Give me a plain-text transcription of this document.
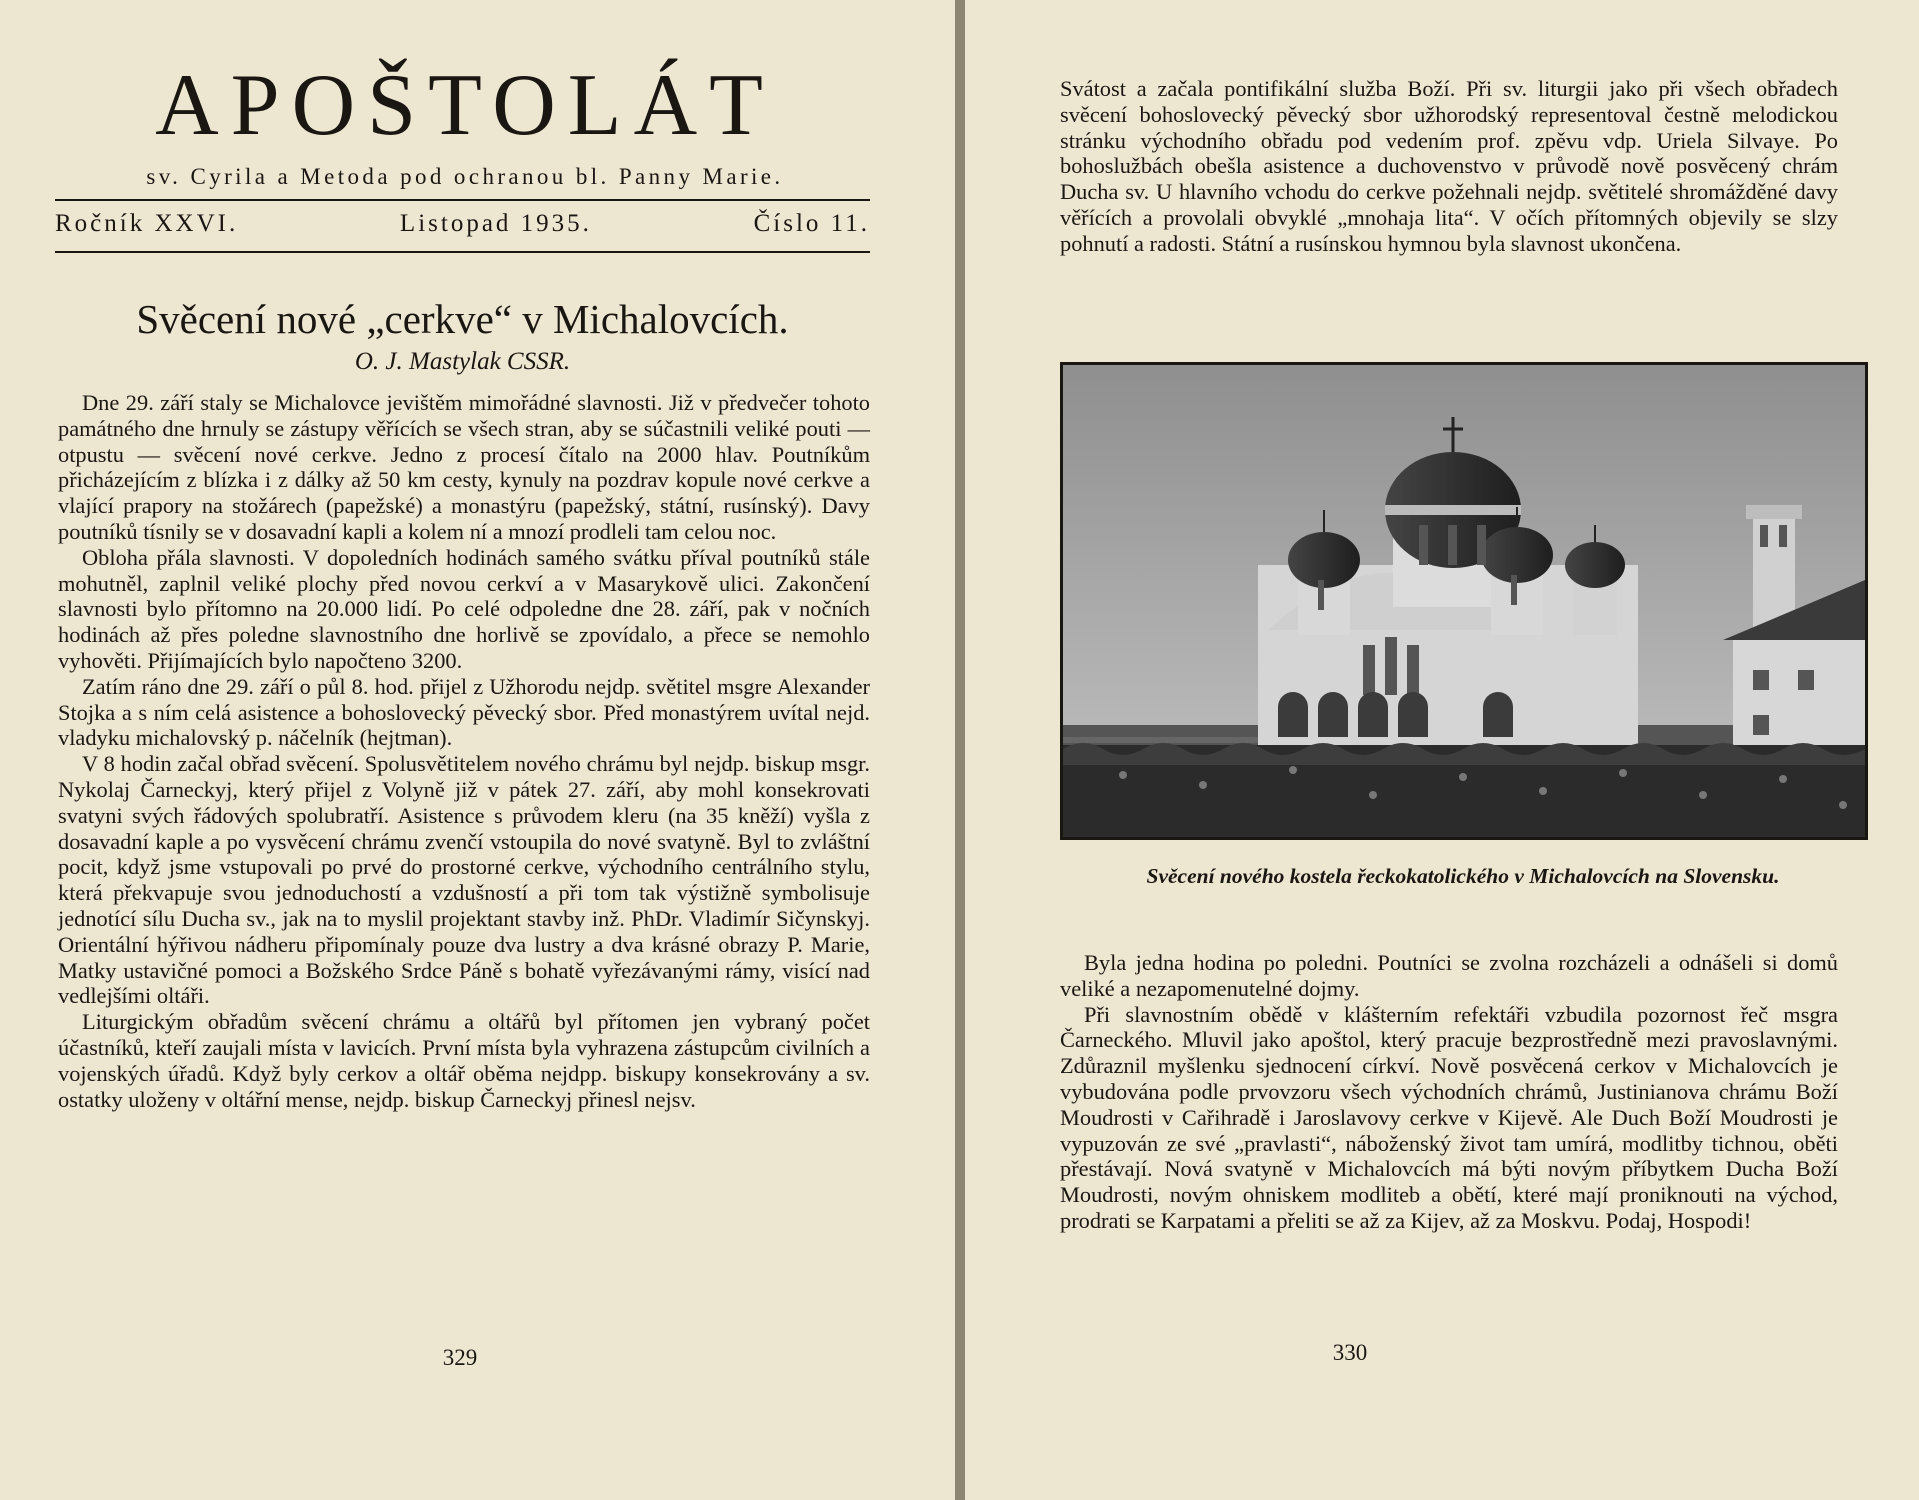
APOŠTOLÁT
sv. Cyrila a Metoda pod ochranou bl. Panny Marie.
Ročník XXVI.	Listopad 1935.	Číslo 11.
Svěcení nové „cerkve“ v Michalovcích.
O. J. Mastylak CSSR.

Dne 29. září staly se Michalovce jevištěm mimořádné slavnosti. Již v předvečer tohoto památného dne hrnuly se zástupy věřících se všech stran, aby se súčastnili veliké pouti — otpustu — svěcení nové cerkve. Jedno z procesí čítalo na 2000 hlav. Poutníkům přicházejícím z blízka i z dálky až 50 km cesty, kynuly na pozdrav kopule nové cerkve a vlající prapory na stožárech (papežské) a monastýru (papežský, státní, rusínský). Davy poutníků tísnily se v dosavadní kapli a kolem ní a mnozí prodleli tam celou noc.

Obloha přála slavnosti. V dopoledních hodinách samého svátku příval poutníků stále mohutněl, zaplnil veliké plochy před novou cerkví a v Masarykově ulici. Zakončení slavnosti bylo přítomno na 20.000 lidí. Po celé odpoledne dne 28. září, pak v nočních hodinách až přes poledne slavnostního dne horlivě se zpovídalo, a přece se nemohlo vyhověti. Přijímajících bylo napočteno 3200.

Zatím ráno dne 29. září o půl 8. hod. přijel z Užhorodu nejdp. světitel msgre Alexander Stojka a s ním celá asistence a bohoslovecký pěvecký sbor. Před monastýrem uvítal nejd. vladyku michalovský p. náčelník (hejtman).

V 8 hodin začal obřad svěcení. Spolusvětitelem nového chrámu byl nejdp. biskup msgr. Nykolaj Čarneckyj, který přijel z Volyně již v pátek 27. září, aby mohl konsekrovati svatyni svých řádových spolubratří. Asistence s průvodem kleru (na 35 kněží) vyšla z dosavadní kaple a po vysvěcení chrámu zvenčí vstoupila do nové svatyně. Byl to zvláštní pocit, když jsme vstupovali po prvé do prostorné cerkve, východního centrálního stylu, která překvapuje svou jednoduchostí a vzdušností a při tom tak výstižně symbolisuje jednotící sílu Ducha sv., jak na to myslil projektant stavby inž. PhDr. Vladimír Sičynskyj. Orientální hýřivou nádheru připomínaly pouze dva lustry a dva krásné obrazy P. Marie, Matky ustavičné pomoci a Božského Srdce Páně s bohatě vyřezávanými rámy, visící nad vedlejšími oltáři.

Liturgickým obřadům svěcení chrámu a oltářů byl přítomen jen vybraný počet účastníků, kteří zaujali místa v lavicích. První místa byla vyhrazena zástupcům civilních a vojenských úřadů. Když byly cerkov a oltář oběma nejdpp. biskupy konsekrovány a sv. ostatky uloženy v oltářní mense, nejdp. biskup Čarneckyj přinesl nejsv.

329

Svátost a začala pontifikální služba Boží. Při sv. liturgii jako při všech obřadech svěcení bohoslovecký pěvecký sbor užhorodský representoval čestně melodickou stránku východního obřadu pod vedením prof. zpěvu vdp. Uriela Silvaye. Po bohoslužbách obešla asistence a duchovenstvo v průvodě nově posvěcený chrám Ducha sv. U hlavního vchodu do cerkve požehnali nejdp. světitelé shromážděné davy věřících a provolali obvyklé „mnohaja lita“. V očích přítomných objevily se slzy pohnutí a radosti. Státní a rusínskou hymnou byla slavnost ukončena.

Svěcení nového kostela řeckokatolického v Michalovcích na Slovensku.

Byla jedna hodina po poledni. Poutníci se zvolna rozcházeli a odnášeli si domů veliké a nezapomenutelné dojmy.

Při slavnostním obědě v klášterním refektáři vzbudila pozornost řeč msgra Čarneckého. Mluvil jako apoštol, který pracuje bezprostředně mezi pravoslavnými. Zdůraznil myšlenku sjednocení církví. Nově posvěcená cerkov v Michalovcích je vybudována podle prvovzoru všech východních chrámů, Justinianova chrámu Boží Moudrosti v Cařihradě i Jaroslavovy cerkve v Kijevě. Ale Duch Boží Moudrosti je vypuzován ze své „pravlasti“, náboženský život tam umírá, modlitby tichnou, oběti přestávají. Nová svatyně v Michalovcích má býti novým příbytkem Ducha Boží Moudrosti, novým ohniskem modliteb a obětí, které mají proniknouti na východ, prodrati se Karpatami a přeliti se až za Kijev, až za Moskvu. Podaj, Hospodi!

330
